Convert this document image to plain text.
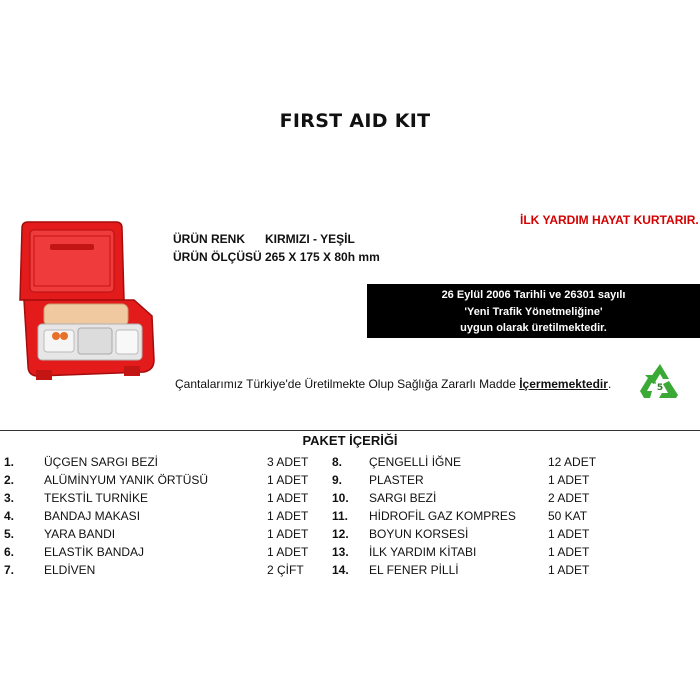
FIRST AID KIT
İLK YARDIM HAYAT KURTARIR.
ÜRÜN RENK KIRMIZI - YEŞİL
ÜRÜN ÖLÇÜSÜ 265 X 175 X 80h mm
26 Eylül 2006 Tarihli ve 26301 sayılı
'Yeni Trafik Yönetmeliğine'
uygun olarak üretilmektedir.
Çantalarımız Türkiye'de Üretilmekte Olup Sağlığa Zararlı Madde İçermemektedir.	5
PAKET İÇERİĞİ
1. ÜÇGEN SARGI BEZİ	3 ADET
2. ALÜMİNYUM YANIK ÖRTÜSÜ	1 ADET
3. TEKSTİL TURNİKE	1 ADET
4. BANDAJ MAKASI	1 ADET
5. YARA BANDI	1 ADET
6. ELASTİK BANDAJ	1 ADET
7. ELDİVEN	2 ÇİFT
8. ÇENGELLİ İĞNE	12 ADET
9. PLASTER	1 ADET
10. SARGI BEZİ	2 ADET
11. HİDROFİL GAZ KOMPRES	50 KAT
12. BOYUN KORSESİ	1 ADET
13. İLK YARDIM KİTABI	1 ADET
14. EL FENER PİLLİ	1 ADET
